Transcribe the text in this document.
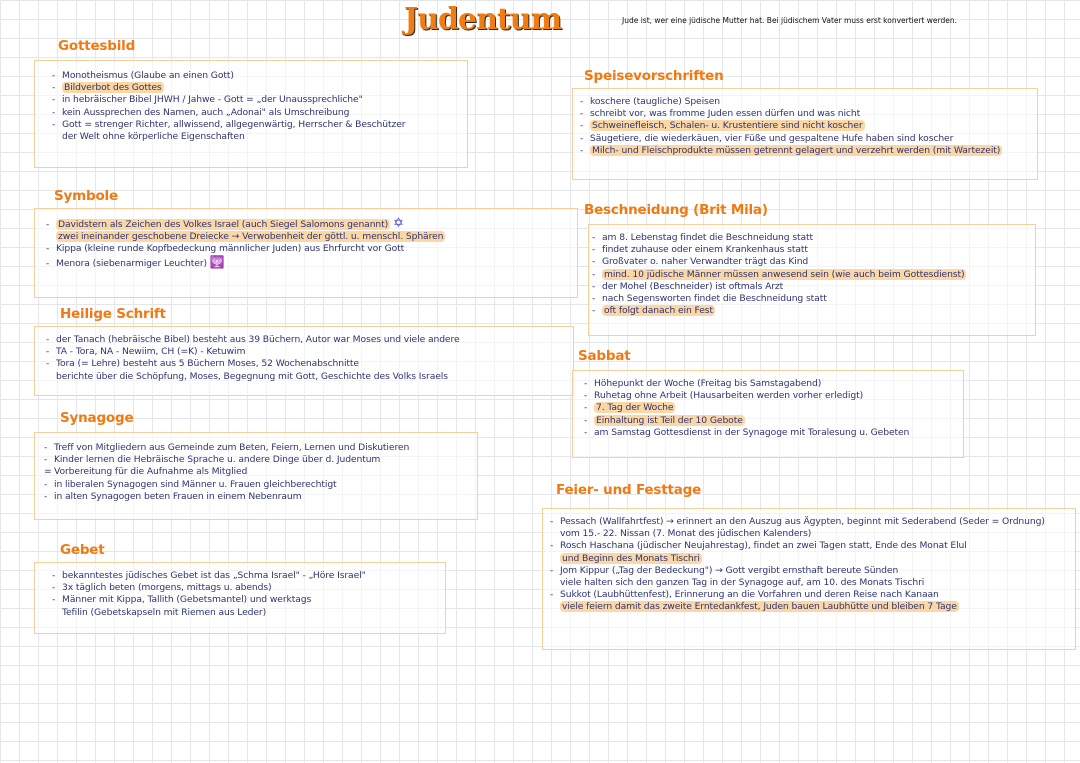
Judentum	Jude ist, wer eine jüdische Mutter hat. Bei jüdischem Vater muss erst konvertiert werden.
Gottesbild
- Monotheismus (Glaube an einen Gott)
- Bildverbot des Gottes
- in hebräischer Bibel JHWH / Jahwe - Gott = „der Unaussprechliche"
- kein Aussprechen des Namen, auch „Adonai" als Umschreibung
- Gott = strenger Richter, allwissend, allgegenwärtig, Herrscher & Beschützer
der Welt ohne körperliche Eigenschaften
Symbole
- Davidstern als Zeichen des Volkes Israel (auch Siegel Salomons genannt) ✡
zwei ineinander geschobene Dreiecke → Verwobenheit der göttl. u. menschl. Sphären
- Kippa (kleine runde Kopfbedeckung männlicher Juden) aus Ehrfurcht vor Gott
- Menora (siebenarmiger Leuchter) 🕎
Heilige Schrift
- der Tanach (hebräische Bibel) besteht aus 39 Büchern, Autor war Moses und viele andere
- TA - Tora, NA - Newiim, CH (=K) - Ketuwim
- Tora (= Lehre) besteht aus 5 Büchern Moses, 52 Wochenabschnitte
berichte über die Schöpfung, Moses, Begegnung mit Gott, Geschichte des Volks Israels
Synagoge
- Treff von Mitgliedern aus Gemeinde zum Beten, Feiern, Lernen und Diskutieren
- Kinder lernen die Hebräische Sprache u. andere Dinge über d. Judentum
= Vorbereitung für die Aufnahme als Mitglied
- in liberalen Synagogen sind Männer u. Frauen gleichberechtigt
- in alten Synagogen beten Frauen in einem Nebenraum
Gebet
- bekanntestes jüdisches Gebet ist das „Schma Israel" - „Höre Israel"
- 3x täglich beten (morgens, mittags u. abends)
- Männer mit Kippa, Tallith (Gebetsmantel) und werktags
Tefilin (Gebetskapseln mit Riemen aus Leder)
Speisevorschriften
- koschere (taugliche) Speisen
- schreibt vor, was fromme Juden essen dürfen und was nicht
- Schweinefleisch, Schalen- u. Krustentiere sind nicht koscher
- Säugetiere, die wiederkäuen, vier Füße und gespaltene Hufe haben sind koscher
- Milch- und Fleischprodukte müssen getrennt gelagert und verzehrt werden (mit Wartezeit)
Beschneidung (Brit Mila)
- am 8. Lebenstag findet die Beschneidung statt
- findet zuhause oder einem Krankenhaus statt
- Großvater o. naher Verwandter trägt das Kind
- mind. 10 jüdische Männer müssen anwesend sein (wie auch beim Gottesdienst)
- der Mohel (Beschneider) ist oftmals Arzt
- nach Segensworten findet die Beschneidung statt
- oft folgt danach ein Fest
Sabbat
- Höhepunkt der Woche (Freitag bis Samstagabend)
- Ruhetag ohne Arbeit (Hausarbeiten werden vorher erledigt)
- 7. Tag der Woche
- Einhaltung ist Teil der 10 Gebote
- am Samstag Gottesdienst in der Synagoge mit Toralesung u. Gebeten
Feier- und Festtage
- Pessach (Wallfahrtfest) → erinnert an den Auszug aus Ägypten, beginnt mit Sederabend (Seder = Ordnung)
vom 15.- 22. Nissan (7. Monat des jüdischen Kalenders)
- Rosch Haschana (jüdischer Neujahrestag), findet an zwei Tagen statt, Ende des Monat Elul
und Beginn des Monats Tischri
- Jom Kippur („Tag der Bedeckung") → Gott vergibt ernsthaft bereute Sünden
viele halten sich den ganzen Tag in der Synagoge auf, am 10. des Monats Tischri
- Sukkot (Laubhüttenfest), Erinnerung an die Vorfahren und deren Reise nach Kanaan
viele feiern damit das zweite Erntedankfest, Juden bauen Laubhütte und bleiben 7 Tage
